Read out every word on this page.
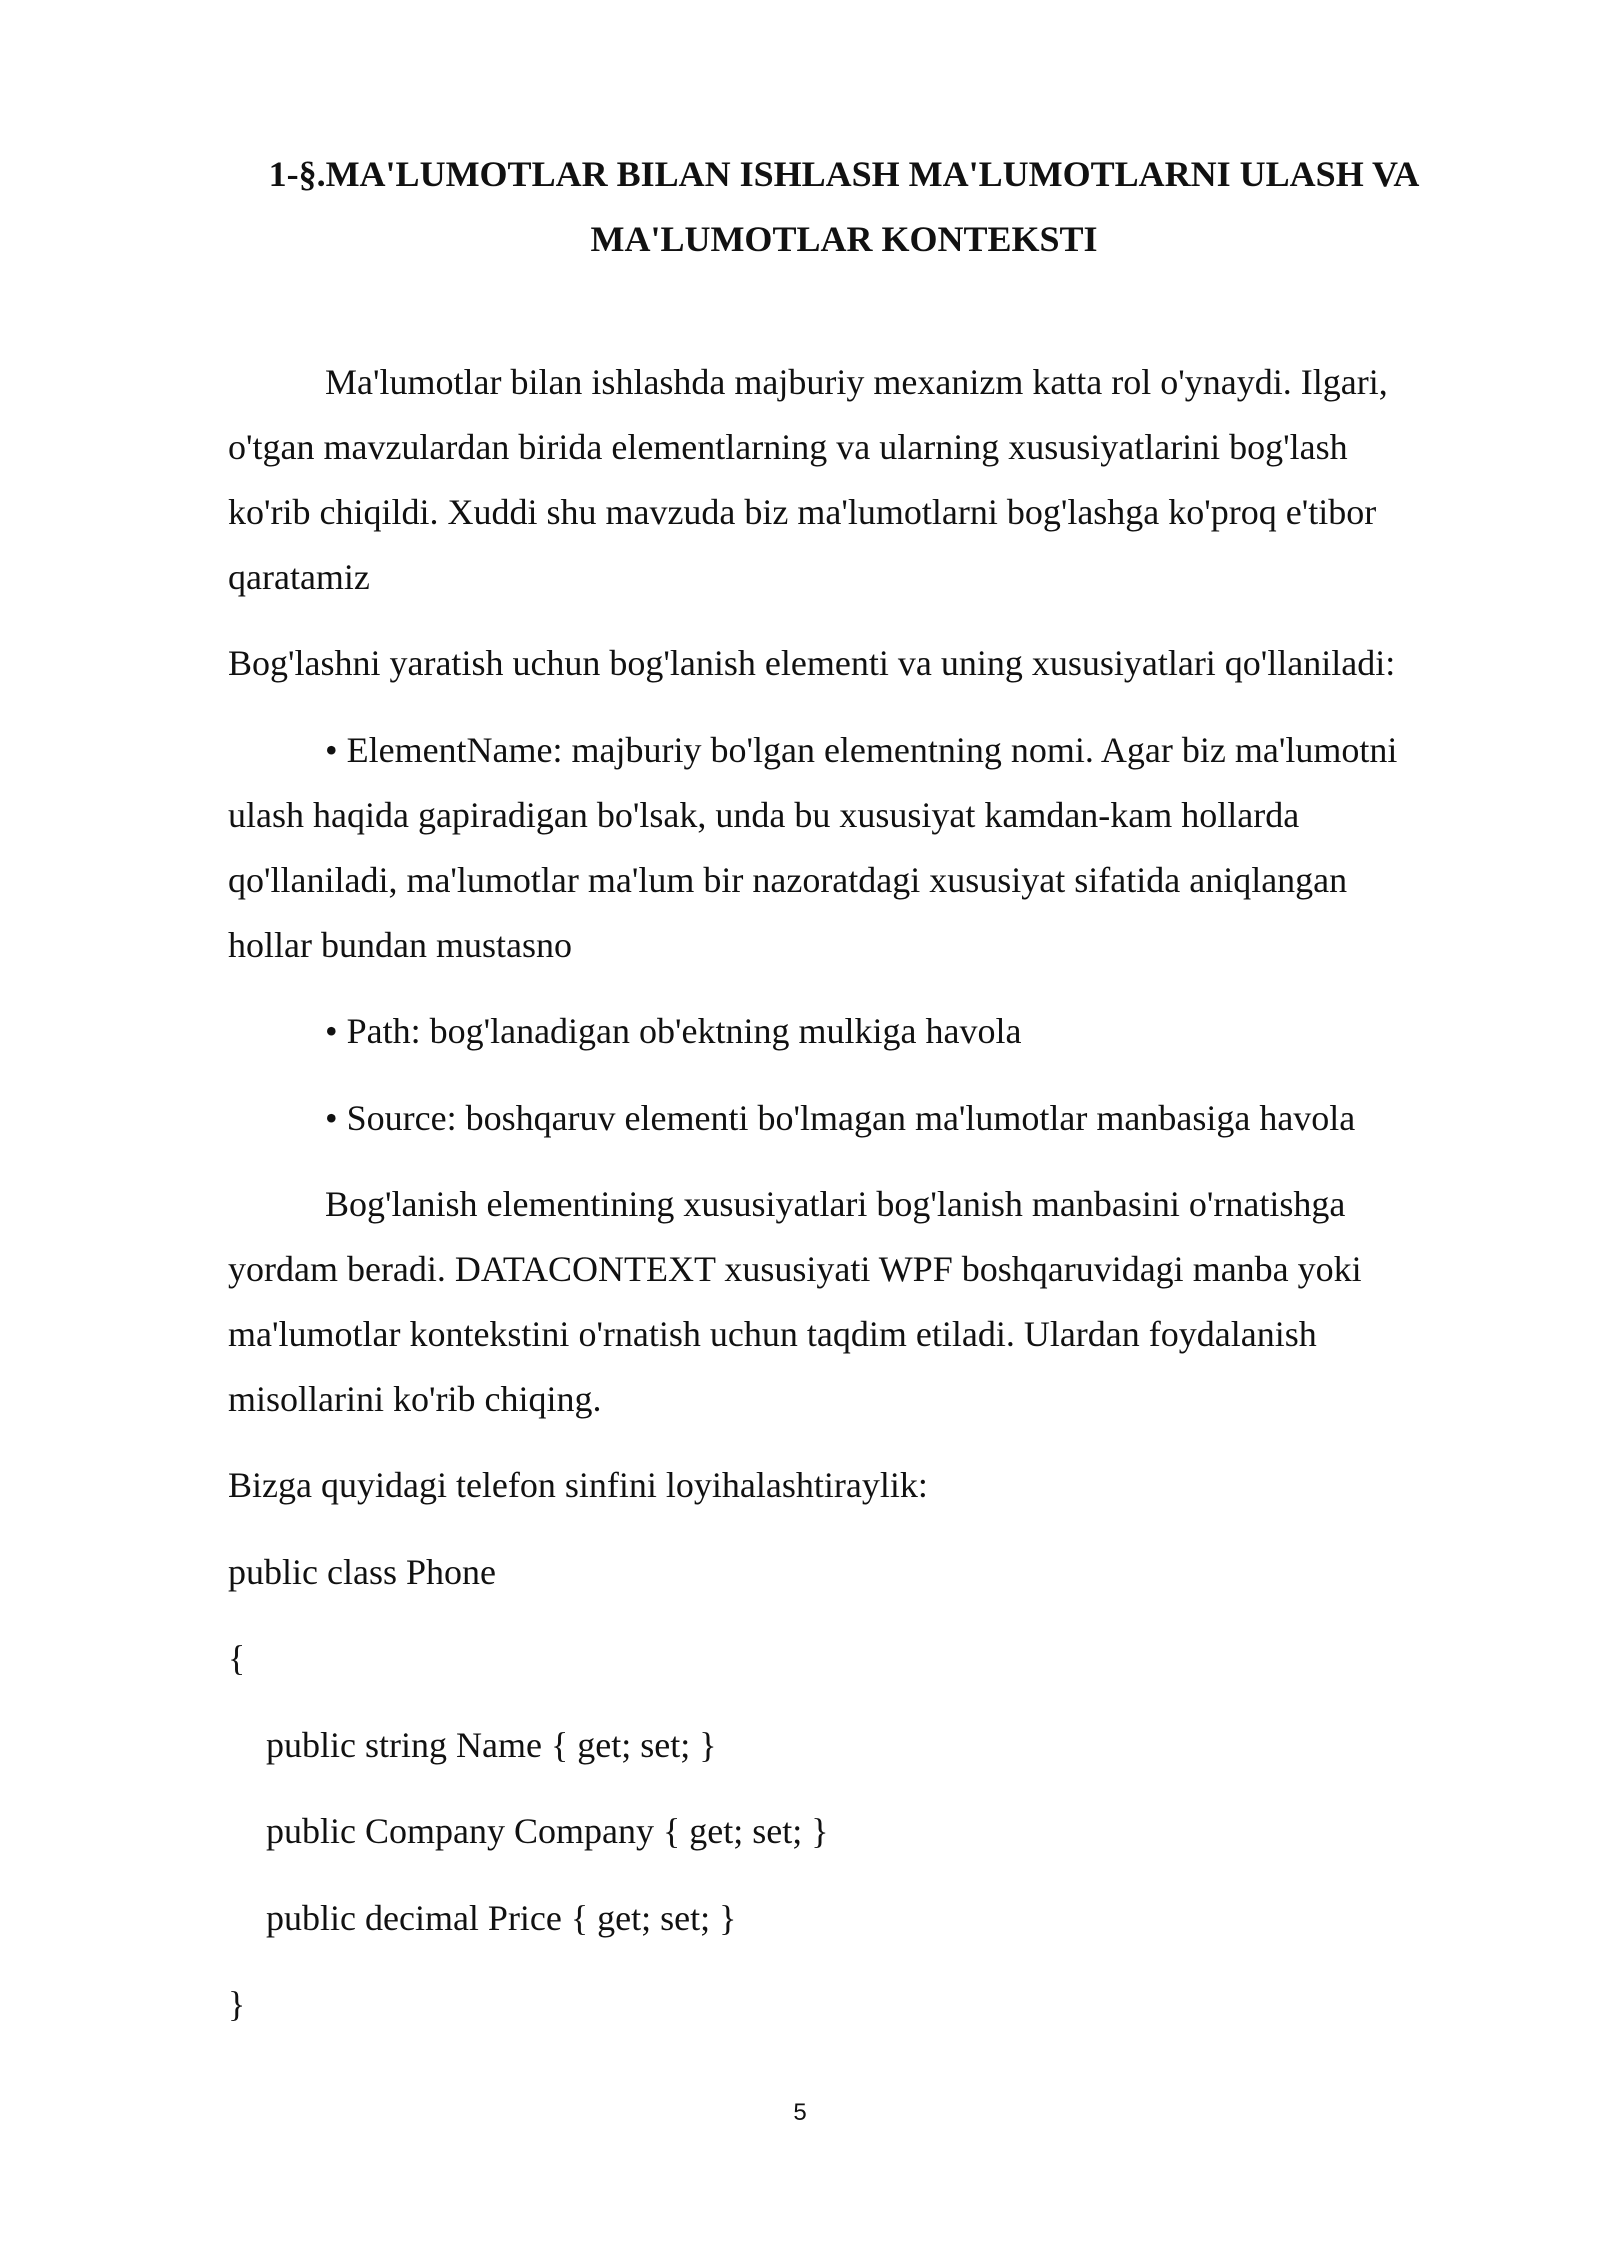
1-§.MA'LUMOTLAR BILAN ISHLASH MA'LUMOTLARNI ULASH VA
MA'LUMOTLAR KONTEKSTI
Ma'lumotlar bilan ishlashda majburiy mexanizm katta rol o'ynaydi. Ilgari,
o'tgan mavzulardan birida elementlarning va ularning xususiyatlarini bog'lash
ko'rib chiqildi. Xuddi shu mavzuda biz ma'lumotlarni bog'lashga ko'proq e'tibor
qaratamiz
Bog'lashni yaratish uchun bog'lanish elementi va uning xususiyatlari qo'llaniladi:
• ElementName: majburiy bo'lgan elementning nomi. Agar biz ma'lumotni
ulash haqida gapiradigan bo'lsak, unda bu xususiyat kamdan-kam hollarda
qo'llaniladi, ma'lumotlar ma'lum bir nazoratdagi xususiyat sifatida aniqlangan
hollar bundan mustasno
• Path: bog'lanadigan ob'ektning mulkiga havola
• Source: boshqaruv elementi bo'lmagan ma'lumotlar manbasiga havola
Bog'lanish elementining xususiyatlari bog'lanish manbasini o'rnatishga
yordam beradi. DATACONTEXT xususiyati WPF boshqaruvidagi manba yoki
ma'lumotlar kontekstini o'rnatish uchun taqdim etiladi. Ulardan foydalanish
misollarini ko'rib chiqing.
Bizga quyidagi telefon sinfini loyihalashtiraylik:
public class Phone
{
public string Name { get; set; }
public Company Company { get; set; }
public decimal Price { get; set; }
}
5
